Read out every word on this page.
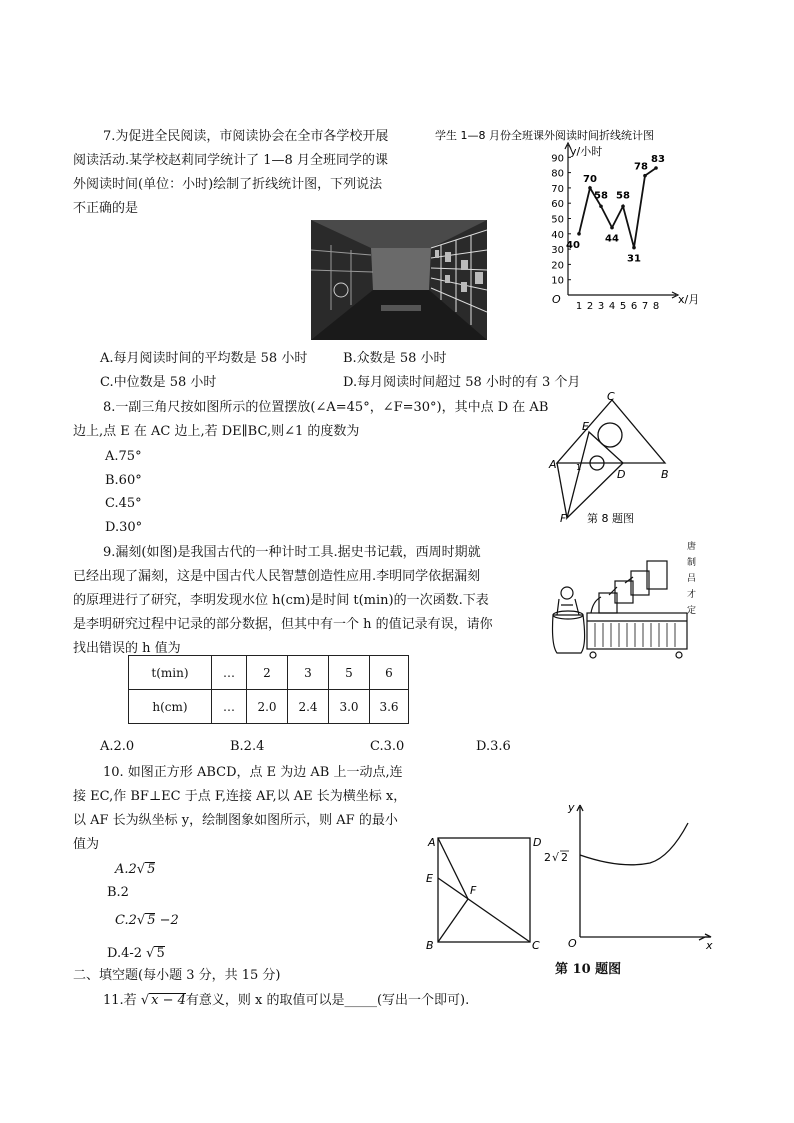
7.为促进全民阅读，市阅读协会在全市各学校开展
阅读活动.某学校赵莉同学统计了 1—8 月全班同学的课
外阅读时间(单位：小时)绘制了折线统计图，下列说法
不正确的是
学生 1—8 月份全班课外阅读时间折线统计图
y/小时
x/月
O
10
20
30
40
50
60
70
80
90
1 2 3 4 5 6 7 8
40
70
58
44
58
31
78
83
A.每月阅读时间的平均数是 58 小时	B.众数是 58 小时
C.中位数是 58 小时	D.每月阅读时间超过 58 小时的有 3 个月
8.一副三角尺按如图所示的位置摆放(∠A=45°，∠F=30°)，其中点 D 在 AB
边上,点 E 在 AC 边上,若 DE∥BC,则∠1 的度数为
A.75°
B.60°
C.45°
D.30°
C
E
A 1
D	B
F 第 8 题图
9.漏刻(如图)是我国古代的一种计时工具.据史书记载，西周时期就
已经出现了漏刻，这是中国古代人民智慧创造性应用.李明同学依据漏刻
的原理进行了研究，李明发现水位 h(cm)是时间 t(min)的一次函数.下表
是李明研究过程中记录的部分数据，但其中有一个 h 的值记录有误，请你
找出错误的 h 值为
t(min)	…	2	3	5	6
h(cm)	…	2.0	2.4	3.0	3.6
唐
制
吕
才
定
A.2.0	B.2.4	C.3.0	D.3.6
10. 如图正方形 ABCD，点 E 为边 AB 上一动点,连
接 EC,作 BF⊥EC 于点 F,连接 AF,以 AE 长为横坐标 x，
以 AF 长为纵坐标 y，绘制图象如图所示，则 AF 的最小
值为
A.2√ 5
B.2
C.2√ 5 −2
D.4-2 √ 5
A	D
E
F
B	C
y
x
O
2 √ 2
第 10 题图
二、填空题(每小题 3 分，共 15 分)
11.若 √ x − 4有意义，则 x 的取值可以是_____(写出一个即可).
